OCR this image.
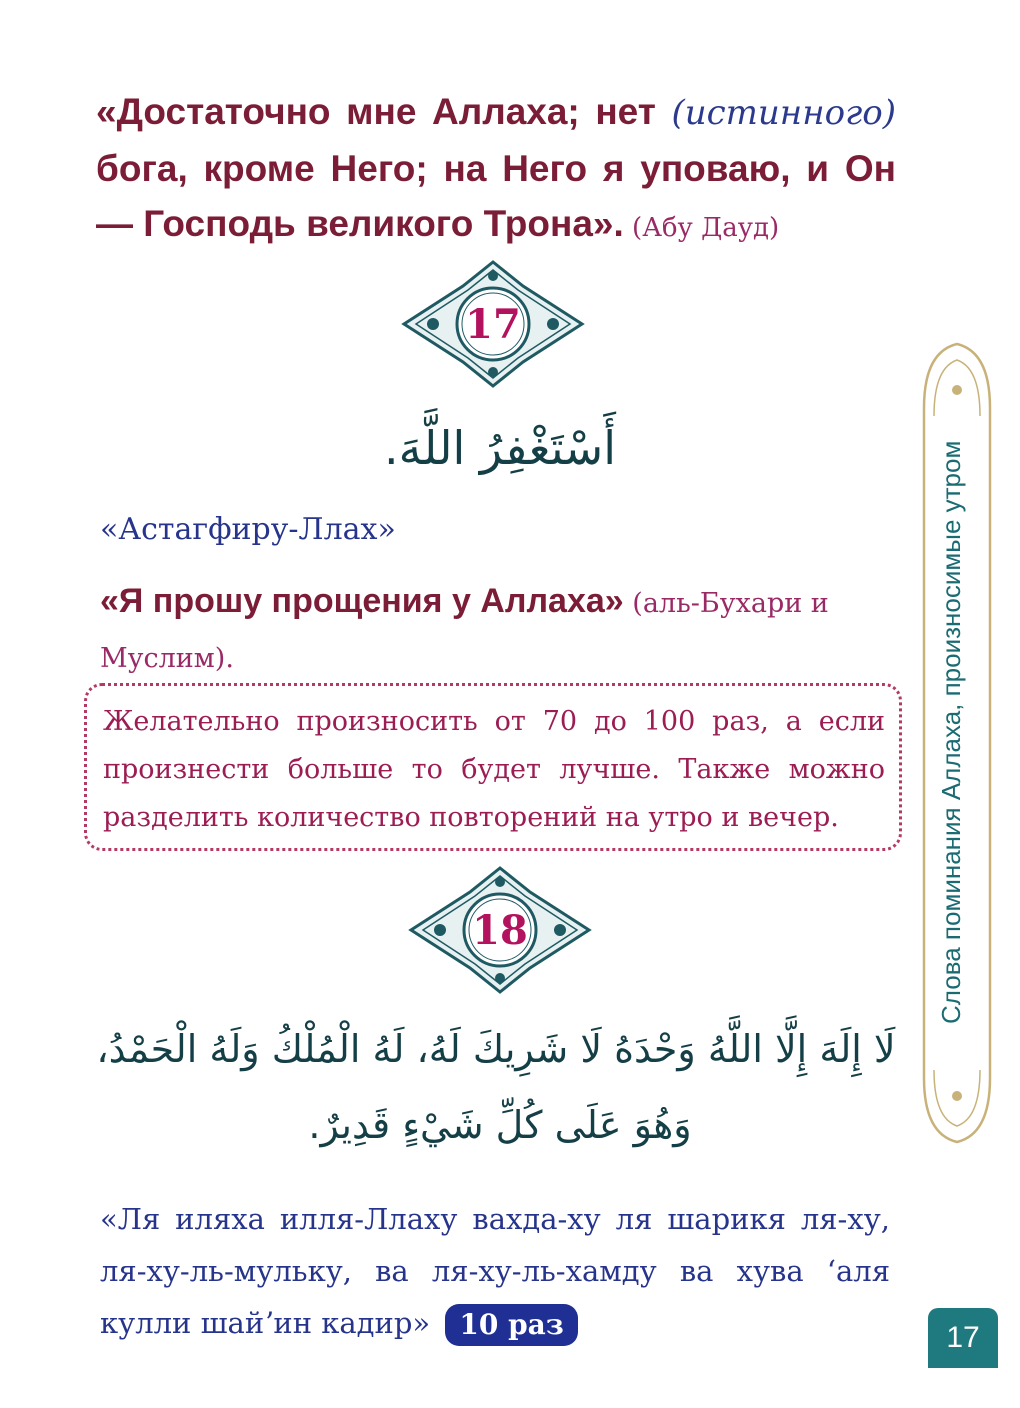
«Достаточно мне Аллаха; нет (истинного) бога, кроме Него; на Него я уповаю, и Он — Господь великого Трона». (Абу Дауд)
17
أَسْتَغْفِرُ اللَّهَ.
«Астагфиру-Ллах»
«Я прошу прощения у Аллаха» (аль-Бухари и Муслим).
Желательно произносить от 70 до 100 раз, а если произнести больше то будет лучше. Также можно разделить количество повторений на утро и вечер.
18
لَا إِلَهَ إِلَّا اللَّهُ وَحْدَهُ لَا شَرِيكَ لَهُ، لَهُ الْمُلْكُ وَلَهُ الْحَمْدُ،
وَهُوَ عَلَى كُلِّ شَيْءٍ قَدِيرٌ.
«Ля иляха илля-Ллаху вахда-ху ля шарикя ля-ху, ля-ху-ль-мульку, ва ля-ху-ль-хамду ва хува ʻаля кулли шайʼин кадир» 10 раз
Слова поминания Аллаха, произносимые утром
17
